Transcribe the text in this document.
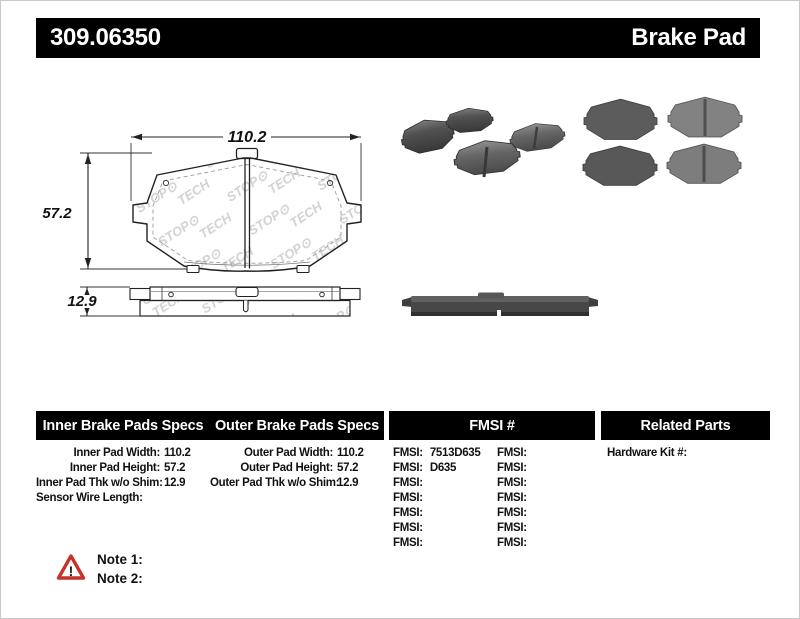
309.06350	Brake Pad
110.2
57.2
12.9
Inner Brake Pads Specs Outer Brake Pads Specs	FMSI #	Related Parts
Inner Pad Width: 110.2
Inner Pad Height: 57.2
Inner Pad Thk w/o Shim: 12.9
Sensor Wire Length:
Outer Pad Width: 110.2
Outer Pad Height: 57.2
Outer Pad Thk w/o Shim:
12.9
FMSI: 7513D635
FMSI: D635
FMSI:
FMSI:
FMSI:
FMSI:
FMSI:
FMSI:
FMSI:
FMSI:
FMSI:
FMSI:
FMSI:
FMSI:
Hardware Kit #:
!
Note 1:
Note 2:
